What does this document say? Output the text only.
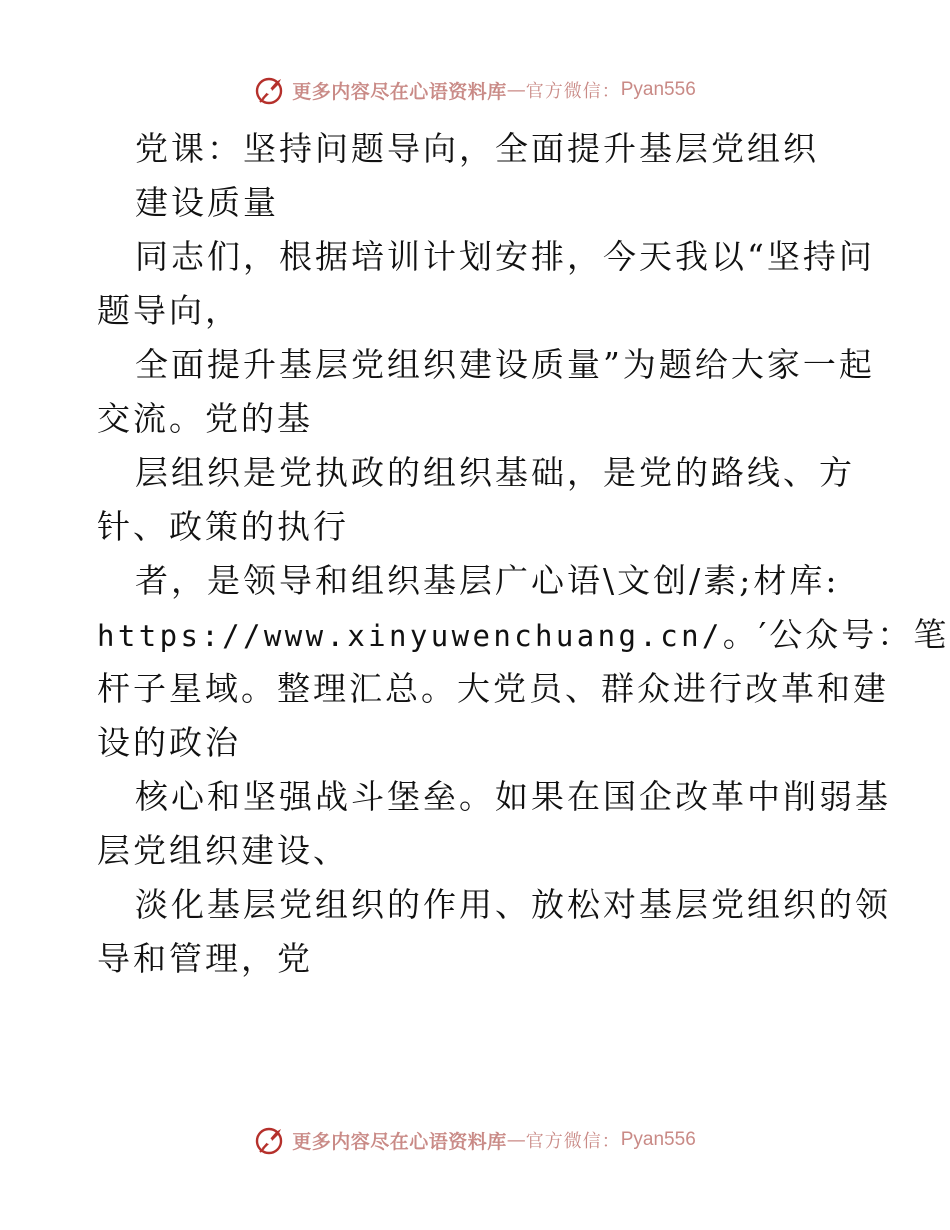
更多内容尽在心语资料库 — 官方微信： Pyan556
党课：坚持问题导向，全面提升基层党组织
建设质量
同志们，根据培训计划安排，今天我以“坚持问
题导向，
全面提升基层党组织建设质量”为题给大家一起
交流。党的基
层组织是党执政的组织基础，是党的路线、方
针、政策的执行
者，是领导和组织基层广心语\文创/素;材库:
https://www.xinyuwenchuang.cn/。′公众号：笔
杆子星域。整理汇总。大党员、群众进行改革和建
设的政治
核心和坚强战斗堡垒。如果在国企改革中削弱基
层党组织建设、
淡化基层党组织的作用、放松对基层党组织的领
导和管理，党
更多内容尽在心语资料库 — 官方微信： Pyan556
